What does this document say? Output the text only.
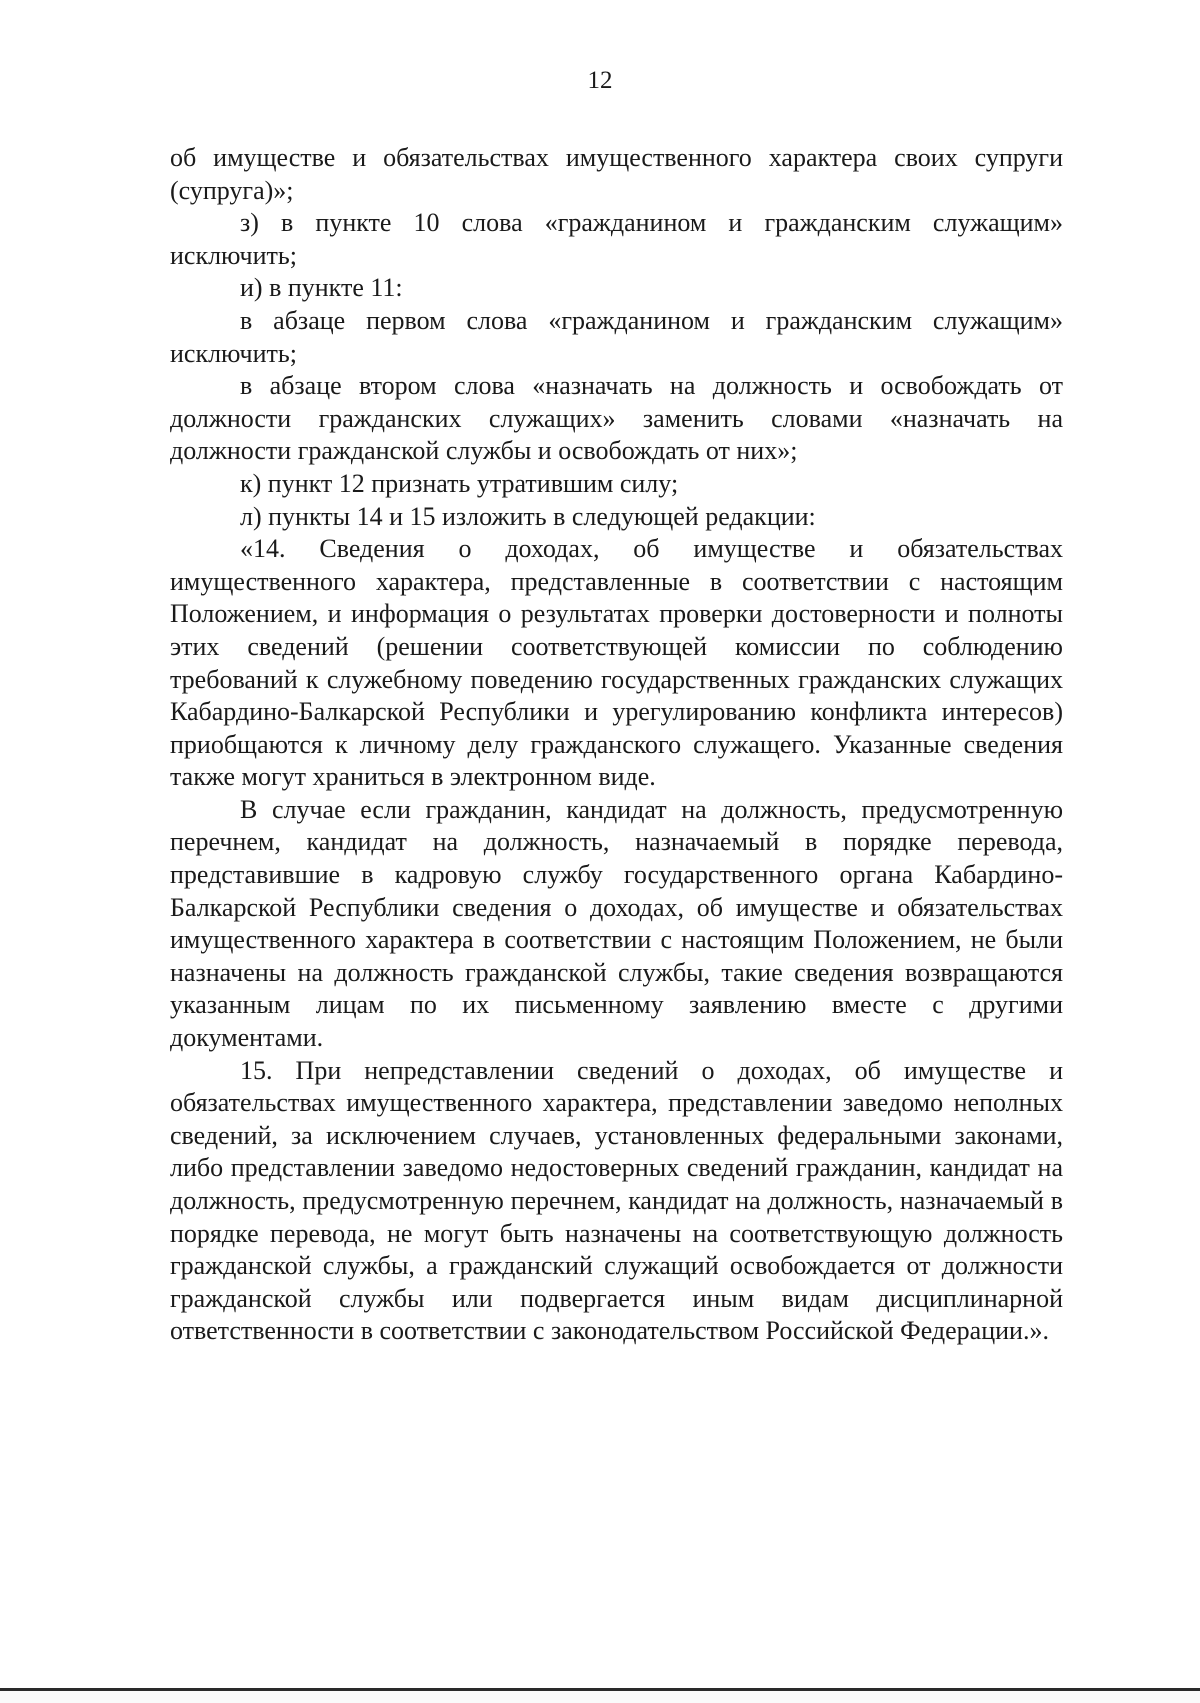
12

об имуществе и обязательствах имущественного характера своих супруги (супруга)»;

з) в пункте 10 слова «гражданином и гражданским служащим» исключить;

и) в пункте 11:

в абзаце первом слова «гражданином и гражданским служащим» исключить;

в абзаце втором слова «назначать на должность и освобождать от должности гражданских служащих» заменить словами «назначать на должности гражданской службы и освобождать от них»;

к) пункт 12 признать утратившим силу;

л) пункты 14 и 15 изложить в следующей редакции:

«14. Сведения о доходах, об имуществе и обязательствах имущественного характера, представленные в соответствии с настоящим Положением, и информация о результатах проверки достоверности и полноты этих сведений (решении соответствующей комиссии по соблюдению требований к служебному поведению государственных гражданских служащих Кабардино-Балкарской Республики и урегулированию конфликта интересов) приобщаются к личному делу гражданского служащего. Указанные сведения также могут храниться в электронном виде.

В случае если гражданин, кандидат на должность, предусмотренную перечнем, кандидат на должность, назначаемый в порядке перевода, представившие в кадровую службу государственного органа Кабардино-Балкарской Республики сведения о доходах, об имуществе и обязательствах имущественного характера в соответствии с настоящим Положением, не были назначены на должность гражданской службы, такие сведения возвращаются указанным лицам по их письменному заявлению вместе с другими документами.

15. При непредставлении сведений о доходах, об имуществе и обязательствах имущественного характера, представлении заведомо неполных сведений, за исключением случаев, установленных федеральными законами, либо представлении заведомо недостоверных сведений гражданин, кандидат на должность, предусмотренную перечнем, кандидат на должность, назначаемый в порядке перевода, не могут быть назначены на соответствующую должность гражданской службы, а гражданский служащий освобождается от должности гражданской службы или подвергается иным видам дисциплинарной ответственности в соответствии с законодательством Российской Федерации.».
